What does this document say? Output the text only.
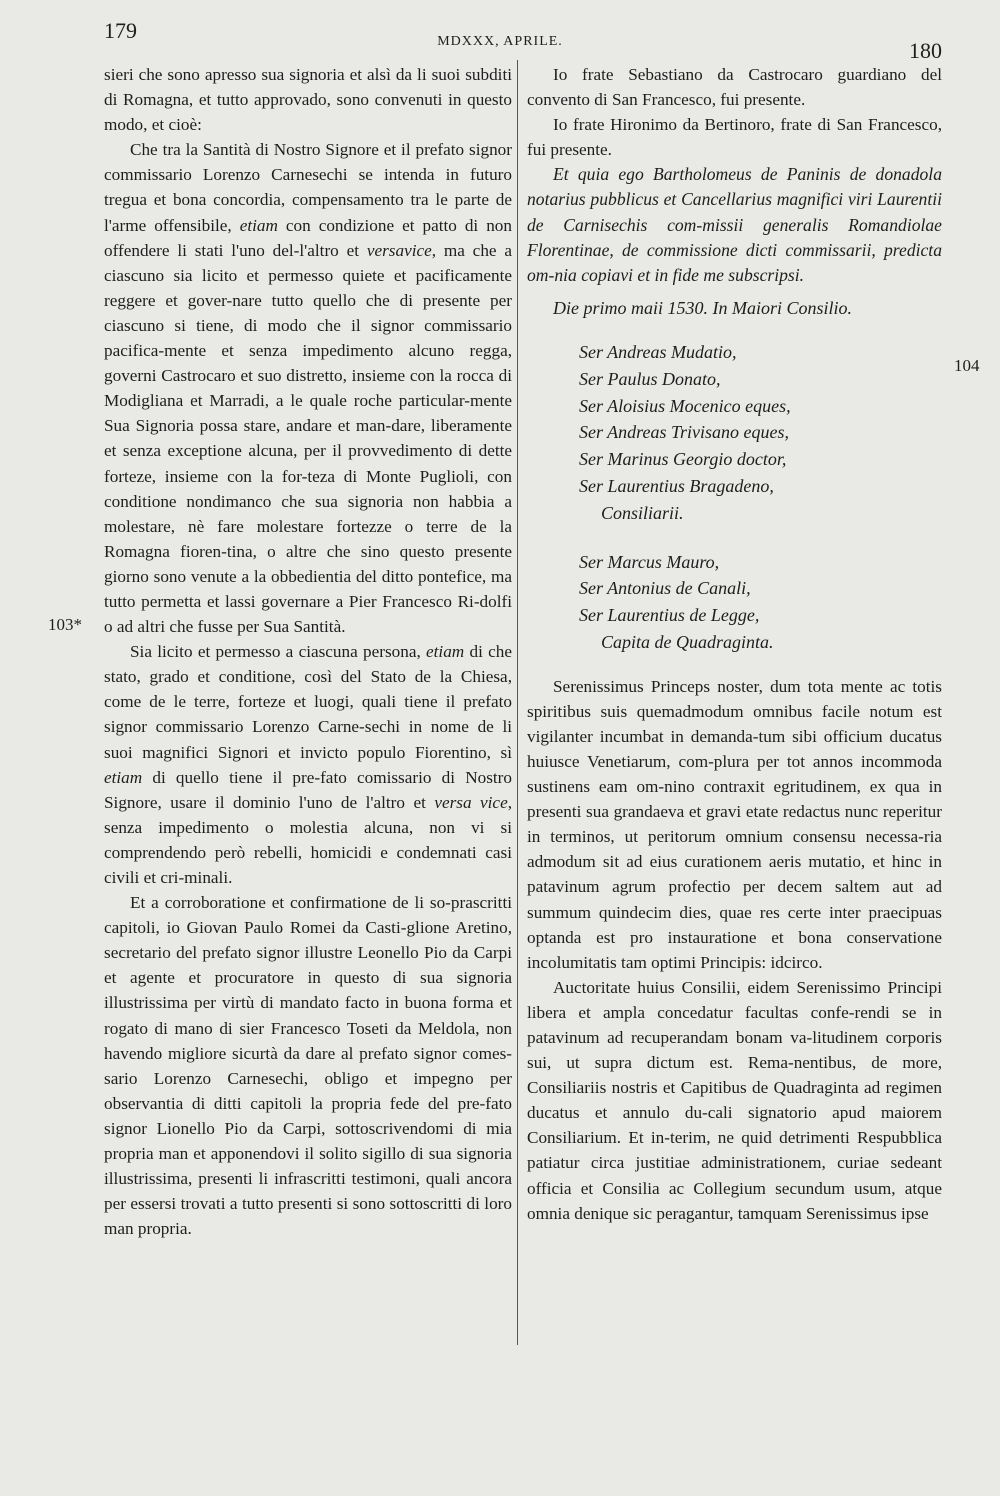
179	MDXXX, APRILE.	180
103*
104

sieri che sono apresso sua signoria et alsì da li suoi subditi di Romagna, et tutto approvado, sono convenuti in questo modo, et cioè:

Che tra la Santità di Nostro Signore et il prefato signor commissario Lorenzo Carnesechi se intenda in futuro tregua et bona concordia, compensamento tra le parte de l'arme offensibile, etiam con condizione et patto di non offendere li stati l'uno del-l'altro et versavice, ma che a ciascuno sia licito et permesso quiete et pacificamente reggere et gover-nare tutto quello che di presente per ciascuno si tiene, di modo che il signor commissario pacifica-mente et senza impedimento alcuno regga, governi Castrocaro et suo distretto, insieme con la rocca di Modigliana et Marradi, a le quale roche particular-mente Sua Signoria possa stare, andare et man-dare, liberamente et senza exceptione alcuna, per il provvedimento di dette forteze, insieme con la for-teza di Monte Puglioli, con conditione nondimanco che sua signoria non habbia a molestare, nè fare molestare fortezze o terre de la Romagna fioren-tina, o altre che sino questo presente giorno sono venute a la obbedientia del ditto pontefice, ma tutto permetta et lassi governare a Pier Francesco Ri-dolfi o ad altri che fusse per Sua Santità.

Sia licito et permesso a ciascuna persona, etiam di che stato, grado et conditione, così del Stato de la Chiesa, come de le terre, forteze et luogi, quali tiene il prefato signor commissario Lorenzo Carne-sechi in nome de li suoi magnifici Signori et invicto populo Fiorentino, sì etiam di quello tiene il pre-fato comissario di Nostro Signore, usare il dominio l'uno de l'altro et versa vice, senza impedimento o molestia alcuna, non vi si comprendendo però rebelli, homicidi e condemnati casi civili et cri-minali.

Et a corroboratione et confirmatione de li so-prascritti capitoli, io Giovan Paulo Romei da Casti-glione Aretino, secretario del prefato signor illustre Leonello Pio da Carpi et agente et procuratore in questo di sua signoria illustrissima per virtù di mandato facto in buona forma et rogato di mano di sier Francesco Toseti da Meldola, non havendo migliore sicurtà da dare al prefato signor comes-sario Lorenzo Carnesechi, obligo et impegno per observantia di ditti capitoli la propria fede del pre-fato signor Lionello Pio da Carpi, sottoscrivendomi di mia propria man et apponendovi il solito sigillo di sua signoria illustrissima, presenti li infrascritti testimoni, quali ancora per essersi trovati a tutto presenti si sono sottoscritti di loro man propria.

Io frate Sebastiano da Castrocaro guardiano del convento di San Francesco, fui presente.

Io frate Hironimo da Bertinoro, frate di San Francesco, fui presente.

Et quia ego Bartholomeus de Paninis de donadola notarius pubblicus et Cancellarius magnifici viri Laurentii de Carnisechis com-missii generalis Romandiolae Florentinae, de commissione dicti commissarii, predicta om-nia copiavi et in fide me subscripsi.

Die primo maii 1530. In Maiori Consilio.

Ser Andreas Mudatio,
Ser Paulus Donato,
Ser Aloisius Mocenico eques,
Ser Andreas Trivisano eques,
Ser Marinus Georgio doctor,
Ser Laurentius Bragadeno,
Consiliarii.
Ser Marcus Mauro,
Ser Antonius de Canali,
Ser Laurentius de Legge,
Capita de Quadraginta.

Serenissimus Princeps noster, dum tota mente ac totis spiritibus suis quemadmodum omnibus facile notum est vigilanter incumbat in demanda-tum sibi officium ducatus huiusce Venetiarum, com-plura per tot annos incommoda sustinens eam om-nino contraxit egritudinem, ex qua in presenti sua grandaeva et gravi etate redactus nunc reperitur in terminos, ut peritorum omnium consensu necessa-ria admodum sit ad eius curationem aeris mutatio, et hinc in patavinum agrum profectio per decem saltem aut ad summum quindecim dies, quae res certe inter praecipuas optanda est pro instauratione et bona conservatione incolumitatis tam optimi Principis: idcirco.

Auctoritate huius Consilii, eidem Serenissimo Principi libera et ampla concedatur facultas confe-rendi se in patavinum ad recuperandam bonam va-litudinem corporis sui, ut supra dictum est. Rema-nentibus, de more, Consiliariis nostris et Capitibus de Quadraginta ad regimen ducatus et annulo du-cali signatorio apud maiorem Consiliarium. Et in-terim, ne quid detrimenti Respubblica patiatur circa justitiae administrationem, curiae sedeant officia et Consilia ac Collegium secundum usum, atque omnia denique sic peragantur, tamquam Serenissimus ipse
